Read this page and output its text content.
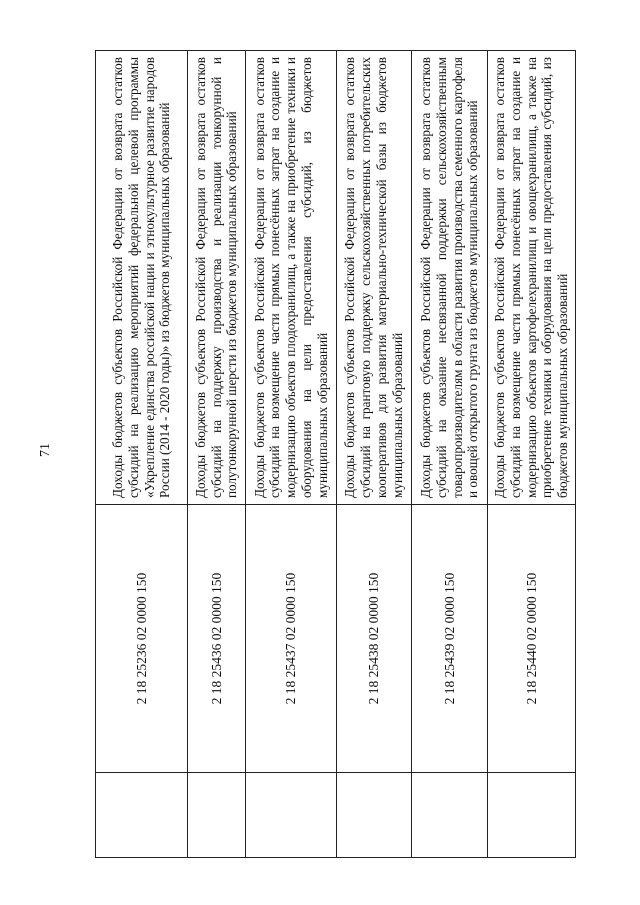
71
	2 18 25236 02 0000 150	Доходы бюджетов субъектов Российской Федерации от возврата остатков субсидий на реализацию мероприятий федеральной целевой программы «Укрепление единства российской нации и этнокультурное развитие народов России (2014 - 2020 годы)» из бюджетов муниципальных образований

	2 18 25436 02 0000 150	Доходы бюджетов субъектов Российской Федерации от возврата остатков субсидий на поддержку производства и реализации тонкорунной и полутонкорунной шерсти из бюджетов муниципальных образований

	2 18 25437 02 0000 150	Доходы бюджетов субъектов Российской Федерации от возврата остатков субсидий на возмещение части прямых понесённых затрат на создание и модернизацию объектов плодохранилищ, а также на приобретение техники и оборудования на цели предоставления субсидий, из бюджетов муниципальных образований

	2 18 25438 02 0000 150	Доходы бюджетов субъектов Российской Федерации от возврата остатков субсидий на грантовую поддержку сельскохозяйственных потребительских кооперативов для развития материально-технической базы из бюджетов муниципальных образований

	2 18 25439 02 0000 150	Доходы бюджетов субъектов Российской Федерации от возврата остатков субсидий на оказание несвязанной поддержки сельскохозяйственным товаропроизводителям в области развития производства семенного картофеля и овощей открытого грунта из бюджетов муниципальных образований

	2 18 25440 02 0000 150	Доходы бюджетов субъектов Российской Федерации от возврата остатков субсидий на возмещение части прямых понесённых затрат на создание и модернизацию объектов картофелехранилищ и овощехранилищ, а также на приобретение техники и оборудования на цели предоставления субсидий, из бюджетов муниципальных образований
